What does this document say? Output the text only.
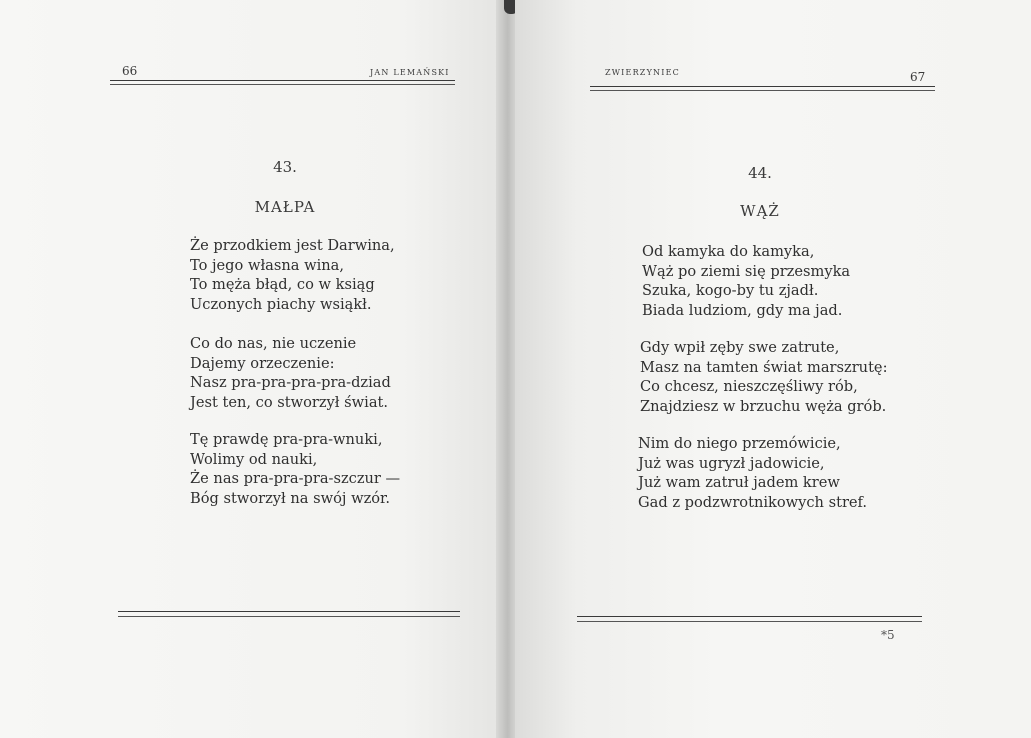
66	JAN LEMAŃSKI
43.
MAŁPA
Że przodkiem jest Darwina,
To jego własna wina,
To męża błąd, co w ksiąg
Uczonych piachy wsiąkł.
Co do nas, nie uczenie
Dajemy orzeczenie:
Nasz pra-pra-pra-pra-dziad
Jest ten, co stworzył świat.
Tę prawdę pra-pra-wnuki,
Wolimy od nauki,
Że nas pra-pra-pra-szczur —
Bóg stworzył na swój wzór.
ZWIERZYNIEC	67
44.
WĄŻ
Od kamyka do kamyka,
Wąż po ziemi się przesmyka
Szuka, kogo-by tu zjadł.
Biada ludziom, gdy ma jad.
Gdy wpił zęby swe zatrute,
Masz na tamten świat marszrutę:
Co chcesz, nieszczęśliwy rób,
Znajdziesz w brzuchu węża grób.
Nim do niego przemówicie,
Już was ugryzł jadowicie,
Już wam zatruł jadem krew
Gad z podzwrotnikowych stref.
*5
